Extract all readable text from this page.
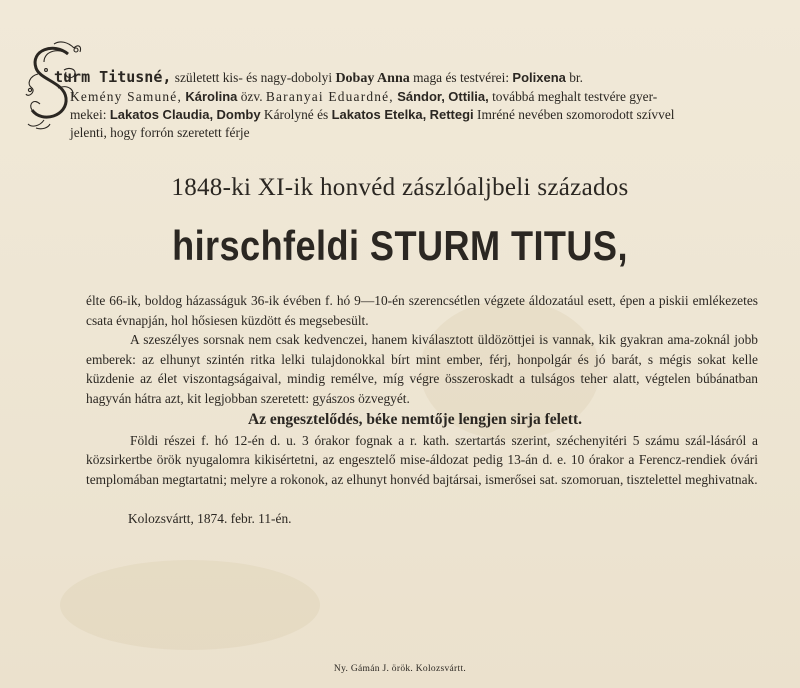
turm Titusné, született kis- és nagy-dobolyi Dobay Anna maga és testvérei: Polixena br.
Kemény Samuné, Károlina özv. Baranyai Eduardné, Sándor, Ottilia, továbbá meghalt testvére gyer-
mekei: Lakatos Claudia, Domby Károlyné és Lakatos Etelka, Rettegi Imréné nevében szomorodott szívvel
jelenti, hogy forrón szeretett férje

1848-ki XI-ik honvéd zászlóaljbeli százados
hirschfeldi STURM TITUS,

élte 66-ik, boldog házasságuk 36-ik évében f. hó 9—10-én szerencsétlen végzete áldozatául esett, épen a piskii emlékezetes csata évnapján, hol hősiesen küzdött és megsebesült.

A szeszélyes sorsnak nem csak kedvenczei, hanem kiválasztott üldözöttjei is vannak, kik gyakran ama-zoknál jobb emberek: az elhunyt szintén ritka lelki tulajdonokkal bírt mint ember, férj, honpolgár és jó barát, s mégis sokat kelle küzdenie az élet viszontagságaival, mindig remélve, míg végre összeroskadt a tulságos teher alatt, végtelen búbánatban hagyván hátra azt, kit legjobban szeretett: gyászos özvegyét.

Az engesztelődés, béke nemtője lengjen sirja felett.

Földi részei f. hó 12-én d. u. 3 órakor fognak a r. kath. szertartás szerint, széchenyitéri 5 számu szál-lásáról a közsirkertbe örök nyugalomra kikisértetni, az engesztelő mise-áldozat pedig 13-án d. e. 10 órakor a Ferencz-rendiek óvári templomában megtartatni; melyre a rokonok, az elhunyt honvéd bajtársai, ismerősei sat. szomoruan, tisztelettel meghivatnak.

Kolozsvártt, 1874. febr. 11-én.
Ny. Gámán J. örök. Kolozsvártt.
